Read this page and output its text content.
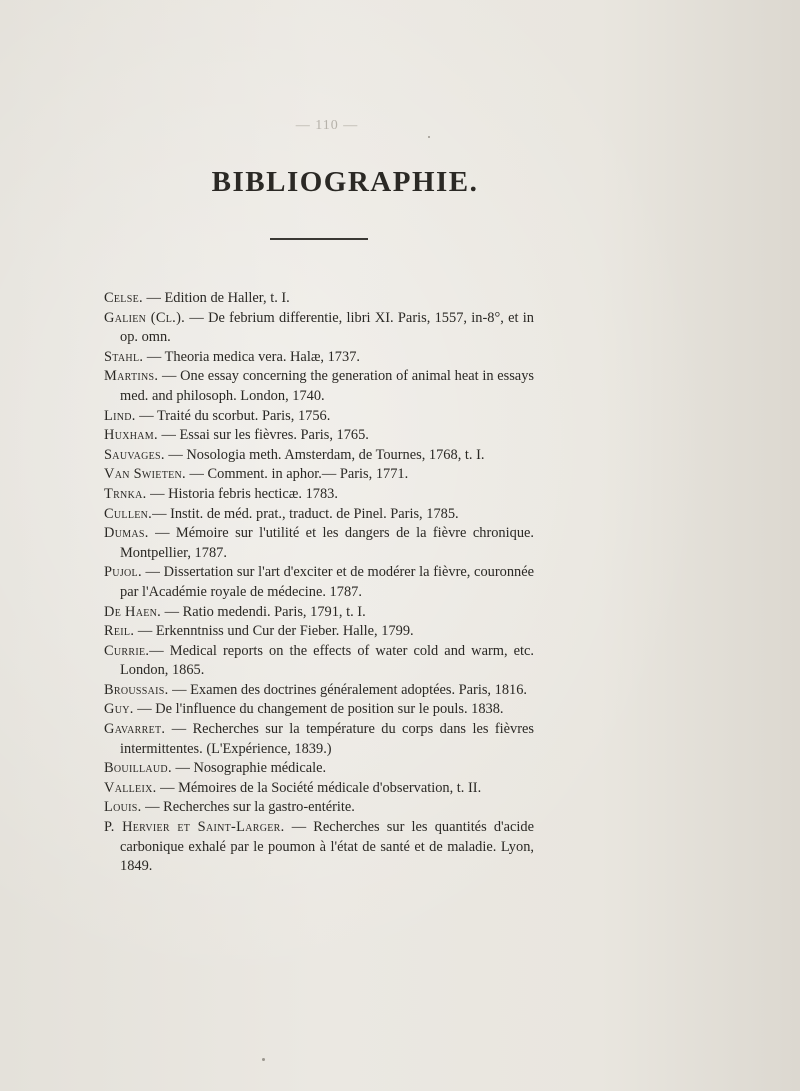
— 110 —
BIBLIOGRAPHIE.
Celse. — Edition de Haller, t. I.
Galien (Cl.). — De febrium differentie, libri XI. Paris, 1557, in-8°, et in op. omn.
Stahl. — Theoria medica vera. Halæ, 1737.
Martins. — One essay concerning the generation of animal heat in essays med. and philosoph. London, 1740.
Lind. — Traité du scorbut. Paris, 1756.
Huxham. — Essai sur les fièvres. Paris, 1765.
Sauvages. — Nosologia meth. Amsterdam, de Tournes, 1768, t. I.
Van Swieten. — Comment. in aphor.— Paris, 1771.
Trnka. — Historia febris hecticæ. 1783.
Cullen.— Instit. de méd. prat., traduct. de Pinel. Paris, 1785.
Dumas. — Mémoire sur l'utilité et les dangers de la fièvre chronique. Montpellier, 1787.
Pujol. — Dissertation sur l'art d'exciter et de modérer la fièvre, couronnée par l'Académie royale de médecine. 1787.
De Haen. — Ratio medendi. Paris, 1791, t. I.
Reil. — Erkenntniss und Cur der Fieber. Halle, 1799.
Currie.— Medical reports on the effects of water cold and warm, etc. London, 1865.
Broussais. — Examen des doctrines généralement adoptées. Paris, 1816.
Guy. — De l'influence du changement de position sur le pouls. 1838.
Gavarret. — Recherches sur la température du corps dans les fièvres intermittentes. (L'Expérience, 1839.)
Bouillaud. — Nosographie médicale.
Valleix. — Mémoires de la Société médicale d'observation, t. II.
Louis. — Recherches sur la gastro-entérite.
P. Hervier et Saint-Larger. — Recherches sur les quantités d'acide carbonique exhalé par le poumon à l'état de santé et de maladie. Lyon, 1849.
